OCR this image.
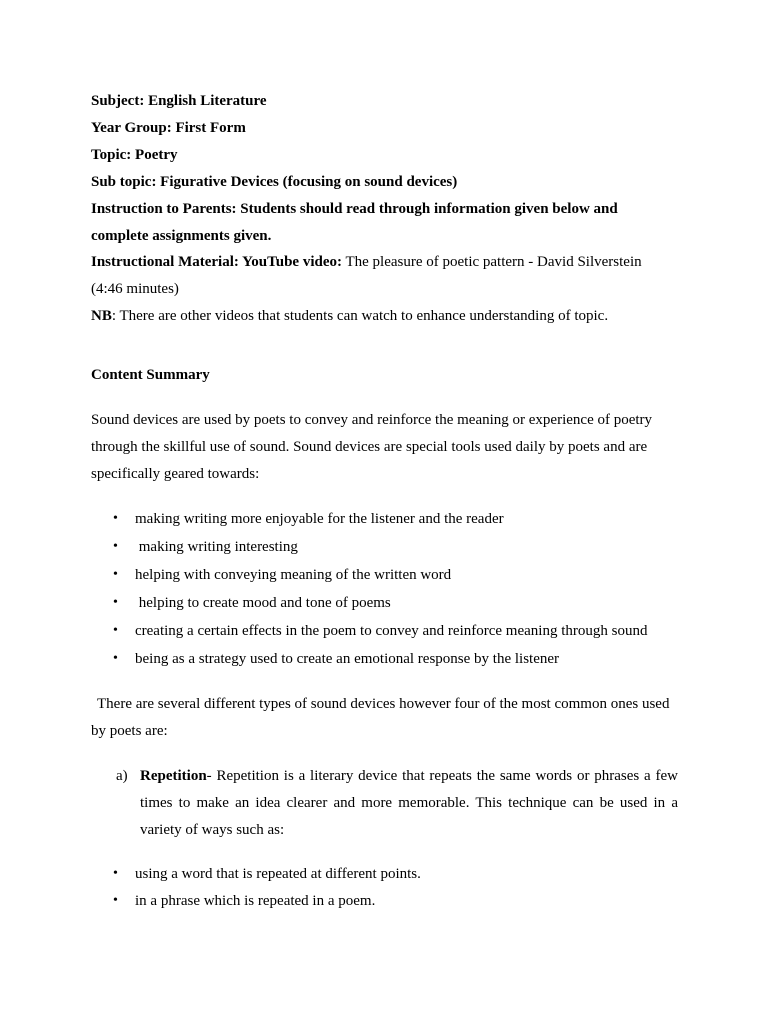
Subject: English Literature
Year Group: First Form
Topic: Poetry
Sub topic: Figurative Devices (focusing on sound devices)
Instruction to Parents: Students should read through information given below and
complete assignments given.
Instructional Material: YouTube video: The pleasure of poetic pattern - David Silverstein
(4:46 minutes)
NB: There are other videos that students can watch to enhance understanding of topic.
Content Summary
Sound devices are used by poets to convey and reinforce the meaning or experience of poetry
through the skillful use of sound. Sound devices are special tools used daily by poets and are
specifically geared towards:
• making writing more enjoyable for the listener and the reader
• making writing interesting
• helping with conveying meaning of the written word
• helping to create mood and tone of poems
• creating a certain effects in the poem to convey and reinforce meaning through sound
• being as a strategy used to create an emotional response by the listener
There are several different types of sound devices however four of the most common ones used
by poets are:
a) Repetition- Repetition is a literary device that repeats the same words or phrases a few
times to make an idea clearer and more memorable. This technique can be used in a
variety of ways such as:
• using a word that is repeated at different points.
• in a phrase which is repeated in a poem.
